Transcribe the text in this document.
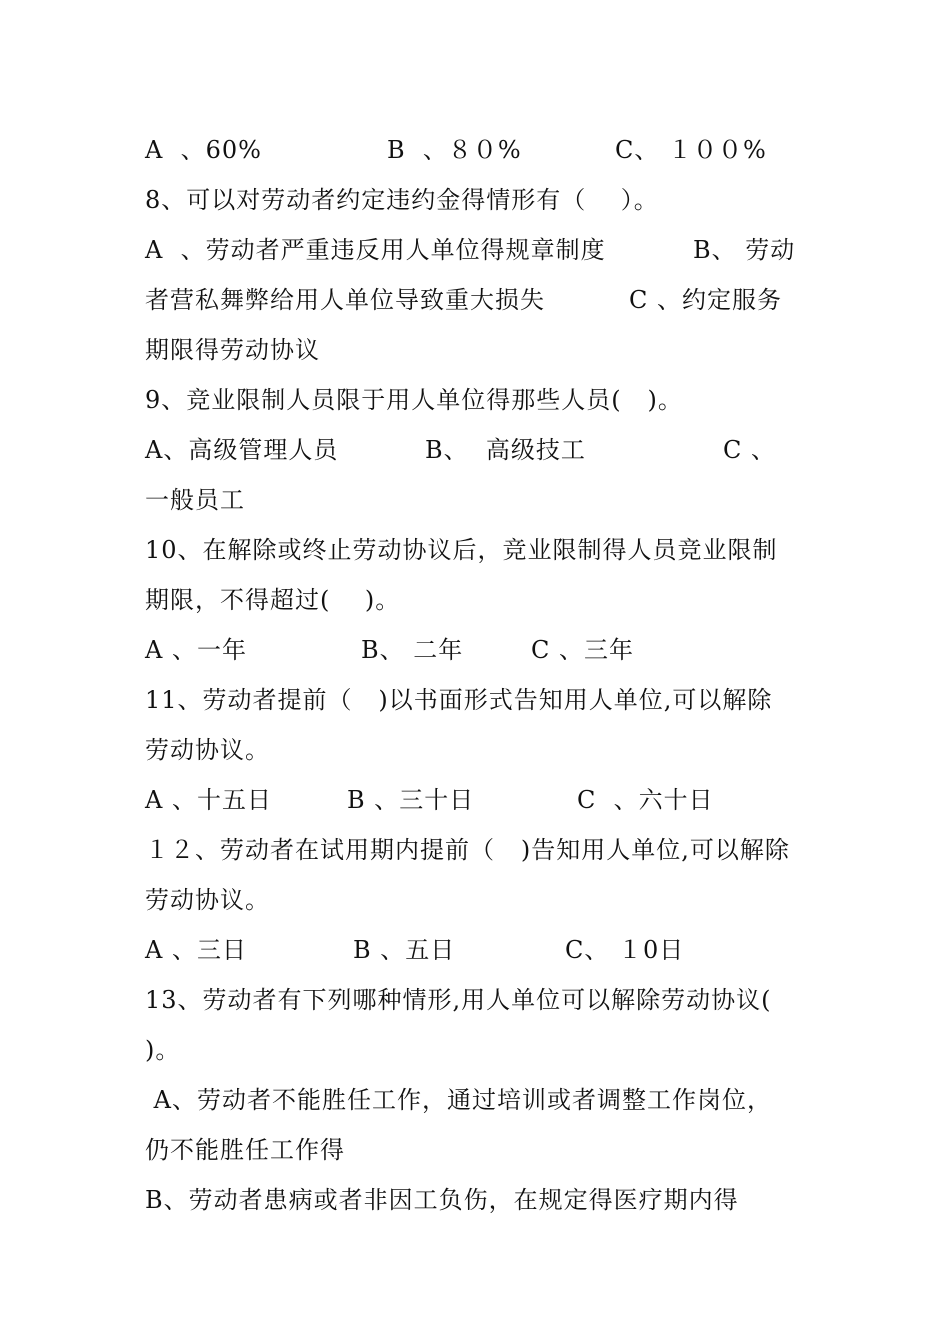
A  、60%

	B  、８０%

	C、 １００%

8、可以对劳动者约定违约金得情形有（    ）。

A  、劳动者严重违反用人单位得规章制度

	B、 劳动

者营私舞弊给用人单位导致重大损失

	C 、约定服务

期限得劳动协议

9、竞业限制人员限于用人单位得那些人员(   )。

A、高级管理人员

	B、  高级技工

	C 、

一般员工

10、在解除或终止劳动协议后，竞业限制得人员竞业限制

期限，不得超过(    )。

A 、一年

	B、 二年

	C 、三年

11、劳动者提前（   )以书面形式告知用人单位,可以解除

劳动协议。

A 、十五日

	B 、三十日

	C  、六十日

１２、劳动者在试用期内提前（   )告知用人单位,可以解除

劳动协议。

A 、三日

	B 、五日

	C、 １0日

13、劳动者有下列哪种情形,用人单位可以解除劳动协议(

)。

A、劳动者不能胜任工作，通过培训或者调整工作岗位，

仍不能胜任工作得

B、劳动者患病或者非因工负伤，在规定得医疗期内得
